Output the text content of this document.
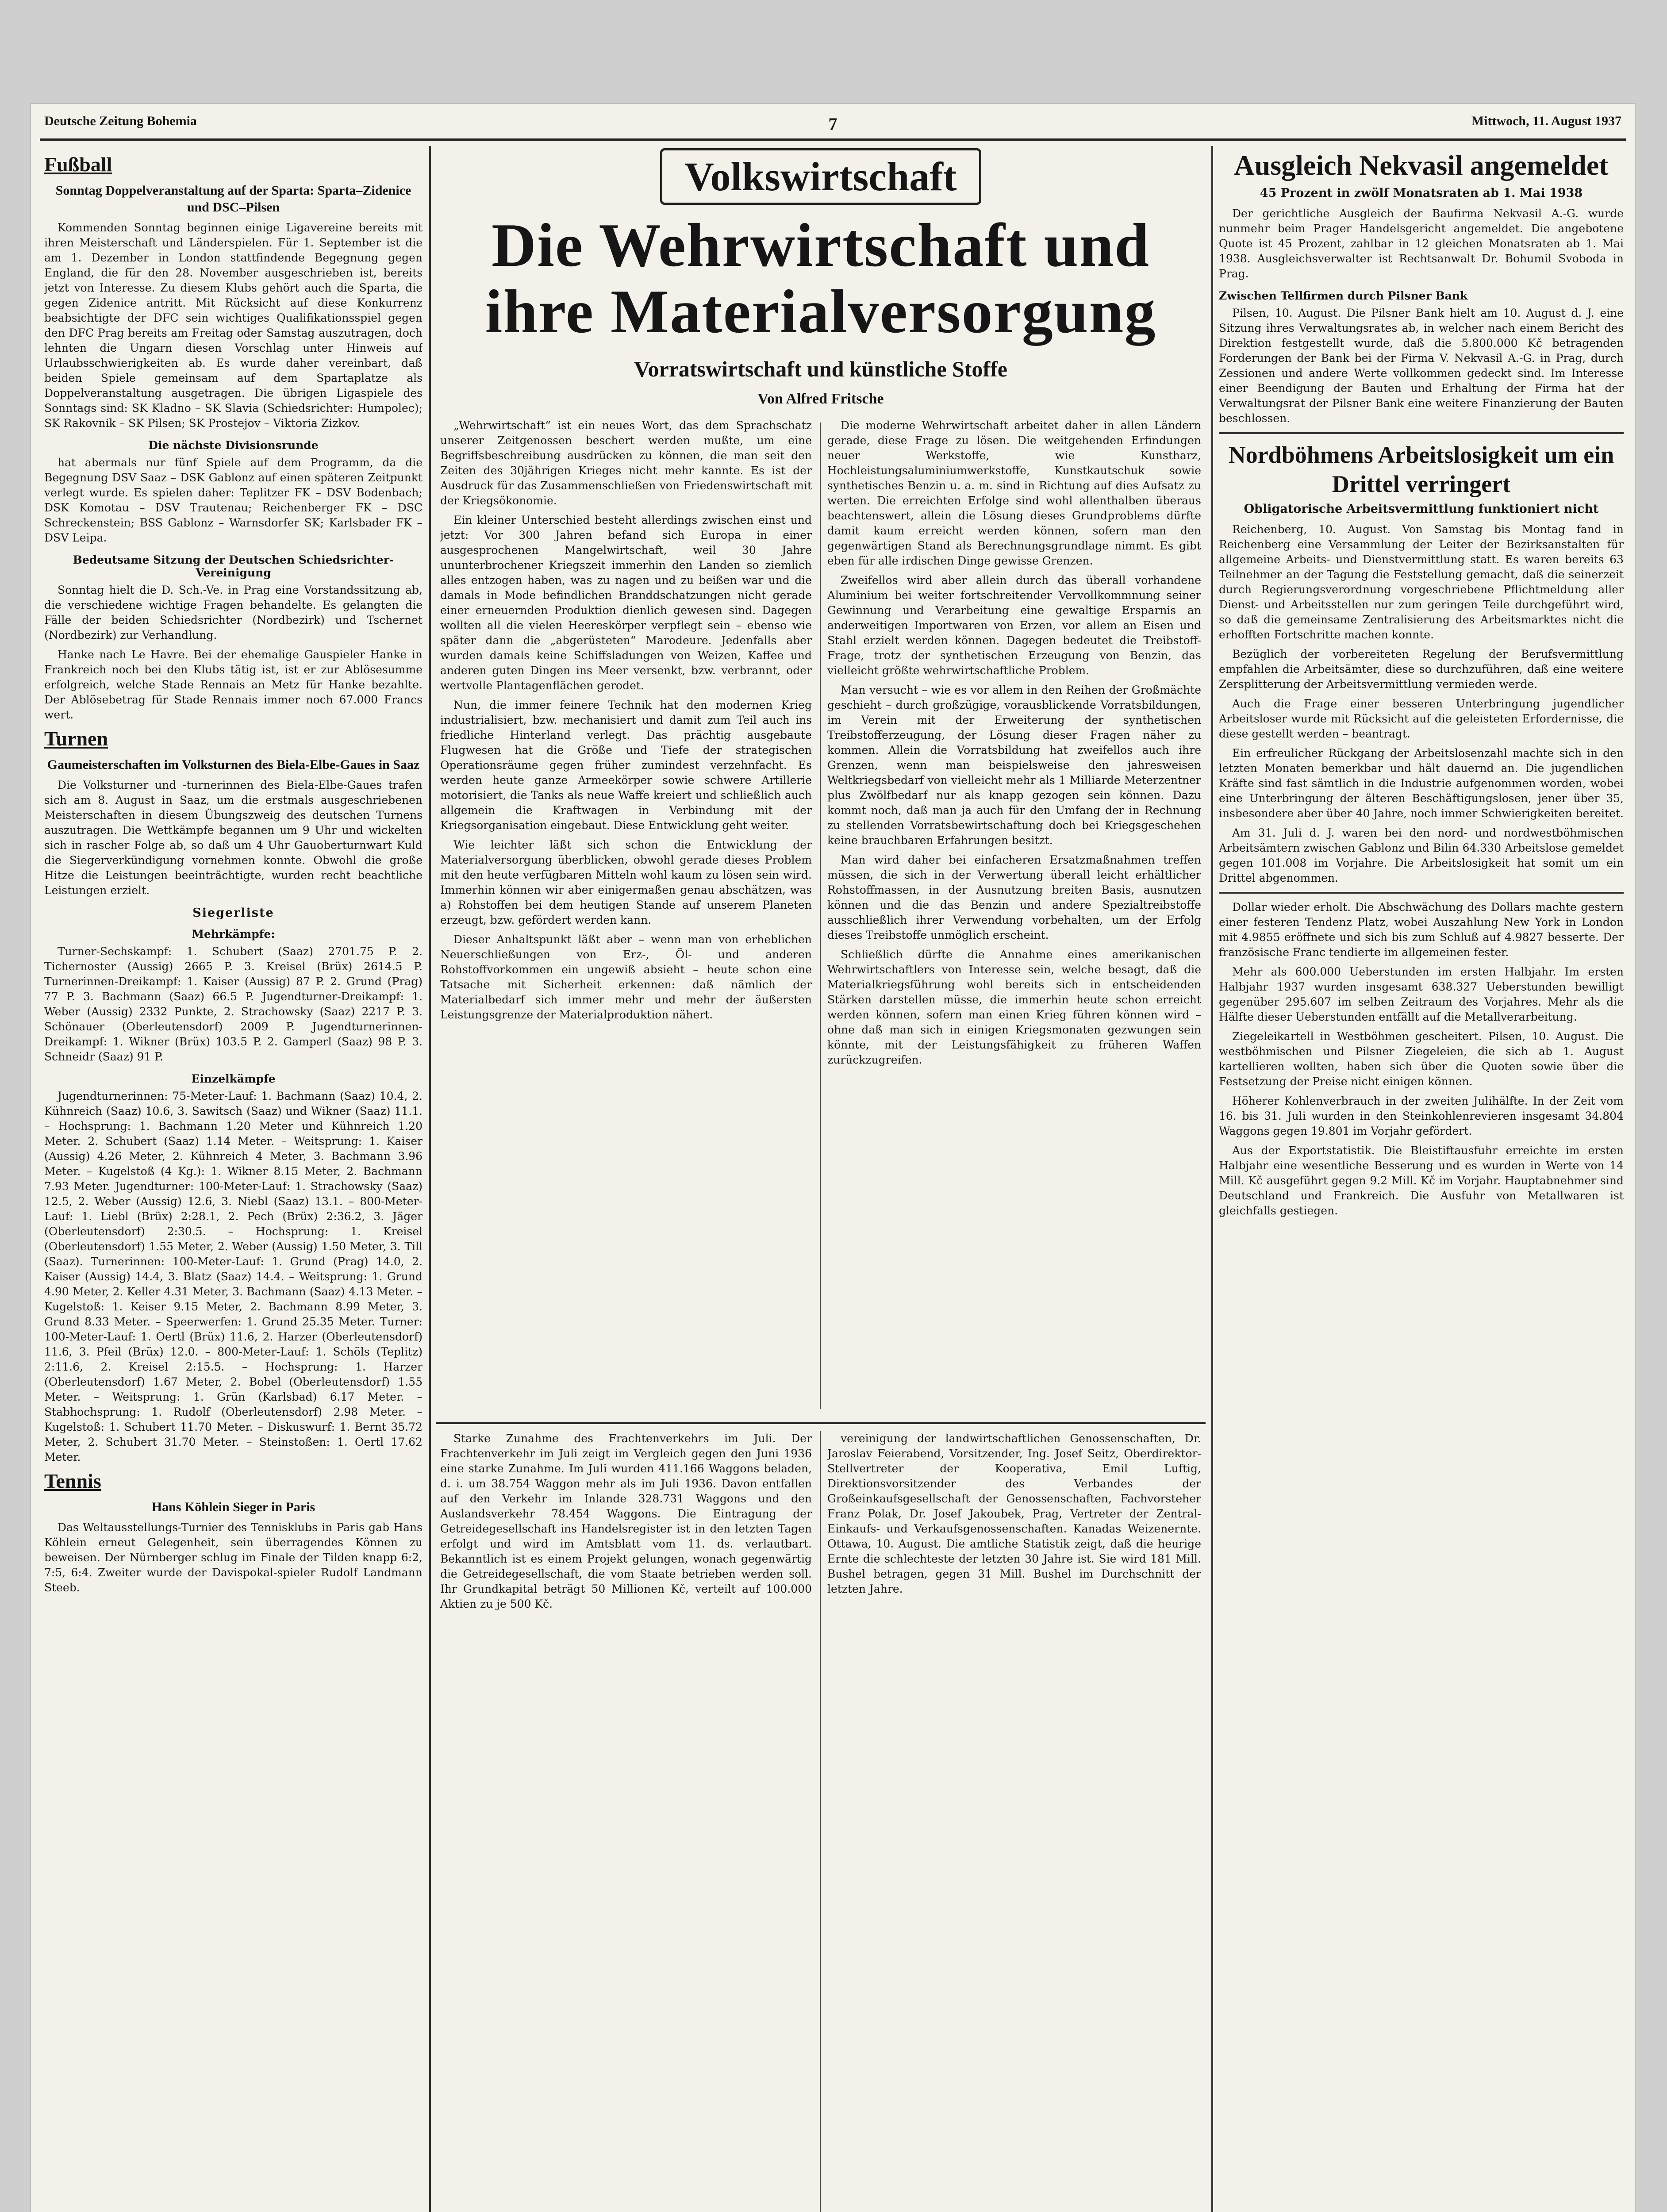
Deutsche Zeitung Bohemia	7	Mittwoch, 11. August 1937
Fußball
Sonntag Doppelveranstaltung auf der Sparta: Sparta–Zidenice und DSC–Pilsen

Kommenden Sonntag beginnen einige Ligavereine bereits mit ihren Meisterschaft und Länderspielen. Für 1. September ist die am 1. Dezember in London stattfindende Begegnung gegen England, die für den 28. November ausgeschrieben ist, bereits jetzt von Interesse. Zu diesem Klubs gehört auch die Sparta, die gegen Zidenice antritt. Mit Rücksicht auf diese Konkurrenz beabsichtigte der DFC sein wichtiges Qualifikationsspiel gegen den DFC Prag bereits am Freitag oder Samstag auszutragen, doch lehnten die Ungarn diesen Vorschlag unter Hinweis auf Urlaubsschwierigkeiten ab. Es wurde daher vereinbart, daß beiden Spiele gemeinsam auf dem Spartaplatze als Doppelveranstaltung ausgetragen. Die übrigen Ligaspiele des Sonntags sind: SK Kladno – SK Slavia (Schiedsrichter: Humpolec); SK Rakovnik – SK Pilsen; SK Prostejov – Viktoria Zizkov.

Die nächste Divisionsrunde

hat abermals nur fünf Spiele auf dem Programm, da die Begegnung DSV Saaz – DSK Gablonz auf einen späteren Zeitpunkt verlegt wurde. Es spielen daher: Teplitzer FK – DSV Bodenbach; DSK Komotau – DSV Trautenau; Reichenberger FK – DSC Schreckenstein; BSS Gablonz – Warnsdorfer SK; Karlsbader FK – DSV Leipa.

Bedeutsame Sitzung der Deutschen Schiedsrichter-Vereinigung

Sonntag hielt die D. Sch.-Ve. in Prag eine Vorstandssitzung ab, die verschiedene wichtige Fragen behandelte. Es gelangten die Fälle der beiden Schiedsrichter (Nordbezirk) und Tschernet (Nordbezirk) zur Verhandlung.

Hanke nach Le Havre. Bei der ehemalige Gauspieler Hanke in Frankreich noch bei den Klubs tätig ist, ist er zur Ablösesumme erfolgreich, welche Stade Rennais an Metz für Hanke bezahlte. Der Ablösebetrag für Stade Rennais immer noch 67.000 Francs wert.

Turnen
Gaumeisterschaften im Volksturnen des Biela-Elbe-Gaues in Saaz

Die Volksturner und -turnerinnen des Biela-Elbe-Gaues trafen sich am 8. August in Saaz, um die erstmals ausgeschriebenen Meisterschaften in diesem Übungszweig des deutschen Turnens auszutragen. Die Wettkämpfe begannen um 9 Uhr und wickelten sich in rascher Folge ab, so daß um 4 Uhr Gauoberturnwart Kuld die Siegerverkündigung vornehmen konnte. Obwohl die große Hitze die Leistungen beeinträchtigte, wurden recht beachtliche Leistungen erzielt.

Siegerliste
Mehrkämpfe:

Turner-Sechskampf: 1. Schubert (Saaz) 2701.75 P. 2. Tichernoster (Aussig) 2665 P. 3. Kreisel (Brüx) 2614.5 P. Turnerinnen-Dreikampf: 1. Kaiser (Aussig) 87 P. 2. Grund (Prag) 77 P. 3. Bachmann (Saaz) 66.5 P. Jugendturner-Dreikampf: 1. Weber (Aussig) 2332 Punkte, 2. Strachowsky (Saaz) 2217 P. 3. Schönauer (Oberleutensdorf) 2009 P. Jugendturnerinnen-Dreikampf: 1. Wikner (Brüx) 103.5 P. 2. Gamperl (Saaz) 98 P. 3. Schneidr (Saaz) 91 P.

Einzelkämpfe

Jugendturnerinnen: 75-Meter-Lauf: 1. Bachmann (Saaz) 10.4, 2. Kühnreich (Saaz) 10.6, 3. Sawitsch (Saaz) und Wikner (Saaz) 11.1. – Hochsprung: 1. Bachmann 1.20 Meter und Kühnreich 1.20 Meter. 2. Schubert (Saaz) 1.14 Meter. – Weitsprung: 1. Kaiser (Aussig) 4.26 Meter, 2. Kühnreich 4 Meter, 3. Bachmann 3.96 Meter. – Kugelstoß (4 Kg.): 1. Wikner 8.15 Meter, 2. Bachmann 7.93 Meter. Jugendturner: 100-Meter-Lauf: 1. Strachowsky (Saaz) 12.5, 2. Weber (Aussig) 12.6, 3. Niebl (Saaz) 13.1. – 800-Meter-Lauf: 1. Liebl (Brüx) 2:28.1, 2. Pech (Brüx) 2:36.2, 3. Jäger (Oberleutensdorf) 2:30.5. – Hochsprung: 1. Kreisel (Oberleutensdorf) 1.55 Meter, 2. Weber (Aussig) 1.50 Meter, 3. Till (Saaz). Turnerinnen: 100-Meter-Lauf: 1. Grund (Prag) 14.0, 2. Kaiser (Aussig) 14.4, 3. Blatz (Saaz) 14.4. – Weitsprung: 1. Grund 4.90 Meter, 2. Keller 4.31 Meter, 3. Bachmann (Saaz) 4.13 Meter. – Kugelstoß: 1. Keiser 9.15 Meter, 2. Bachmann 8.99 Meter, 3. Grund 8.33 Meter. – Speerwerfen: 1. Grund 25.35 Meter. Turner: 100-Meter-Lauf: 1. Oertl (Brüx) 11.6, 2. Harzer (Oberleutensdorf) 11.6, 3. Pfeil (Brüx) 12.0. – 800-Meter-Lauf: 1. Schöls (Teplitz) 2:11.6, 2. Kreisel 2:15.5. – Hochsprung: 1. Harzer (Oberleutensdorf) 1.67 Meter, 2. Bobel (Oberleutensdorf) 1.55 Meter. – Weitsprung: 1. Grün (Karlsbad) 6.17 Meter. – Stabhochsprung: 1. Rudolf (Oberleutensdorf) 2.98 Meter. – Kugelstoß: 1. Schubert 11.70 Meter. – Diskuswurf: 1. Bernt 35.72 Meter, 2. Schubert 31.70 Meter. – Steinstoßen: 1. Oertl 17.62 Meter.

Tennis
Hans Köhlein Sieger in Paris

Das Weltausstellungs-Turnier des Tennisklubs in Paris gab Hans Köhlein erneut Gelegenheit, sein überragendes Können zu beweisen. Der Nürnberger schlug im Finale der Tilden knapp 6:2, 7:5, 6:4. Zweiter wurde der Davispokal-spieler Rudolf Landmann Steeb.

Volkswirtschaft
Die Wehrwirtschaft und
ihre Materialversorgung
Vorratswirtschaft und künstliche Stoffe
Von Alfred Fritsche

„Wehrwirtschaft“ ist ein neues Wort, das dem Sprachschatz unserer Zeitgenossen beschert werden mußte, um eine Begriffsbeschreibung ausdrücken zu können, die man seit den Zeiten des 30jährigen Krieges nicht mehr kannte. Es ist der Ausdruck für das Zusammenschließen von Friedenswirtschaft mit der Kriegsökonomie.

Ein kleiner Unterschied besteht allerdings zwischen einst und jetzt: Vor 300 Jahren befand sich Europa in einer ausgesprochenen Mangelwirtschaft, weil 30 Jahre ununterbrochener Kriegszeit immerhin den Landen so ziemlich alles entzogen haben, was zu nagen und zu beißen war und die damals in Mode befindlichen Branddschatzungen nicht gerade einer erneuernden Produktion dienlich gewesen sind. Dagegen wollten all die vielen Heereskörper verpflegt sein – ebenso wie später dann die „abgerüsteten“ Marodeure. Jedenfalls aber wurden damals keine Schiffsladungen von Weizen, Kaffee und anderen guten Dingen ins Meer versenkt, bzw. verbrannt, oder wertvolle Plantagenflächen gerodet.

Nun, die immer feinere Technik hat den modernen Krieg industrialisiert, bzw. mechanisiert und damit zum Teil auch ins friedliche Hinterland verlegt. Das prächtig ausgebaute Flugwesen hat die Größe und Tiefe der strategischen Operationsräume gegen früher zumindest verzehnfacht. Es werden heute ganze Armeekörper sowie schwere Artillerie motorisiert, die Tanks als neue Waffe kreiert und schließlich auch allgemein die Kraftwagen in Verbindung mit der Kriegsorganisation eingebaut. Diese Entwicklung geht weiter.

Wie leichter läßt sich schon die Entwicklung der Materialversorgung überblicken, obwohl gerade dieses Problem mit den heute verfügbaren Mitteln wohl kaum zu lösen sein wird. Immerhin können wir aber einigermaßen genau abschätzen, was a) Rohstoffen bei dem heutigen Stande auf unserem Planeten erzeugt, bzw. gefördert werden kann.

Dieser Anhaltspunkt läßt aber – wenn man von erheblichen Neuerschließungen von Erz-, Öl- und anderen Rohstoffvorkommen ein ungewiß absieht – heute schon eine Tatsache mit Sicherheit erkennen: daß nämlich der Materialbedarf sich immer mehr und mehr der äußersten Leistungsgrenze der Materialproduktion nähert.

Die moderne Wehrwirtschaft arbeitet daher in allen Ländern gerade, diese Frage zu lösen. Die weitgehenden Erfindungen neuer Werkstoffe, wie Kunstharz, Hochleistungsaluminiumwerkstoffe, Kunstkautschuk sowie synthetisches Benzin u. a. m. sind in Richtung auf dies Aufsatz zu werten. Die erreichten Erfolge sind wohl allenthalben überaus beachtenswert, allein die Lösung dieses Grundproblems dürfte damit kaum erreicht werden können, sofern man den gegenwärtigen Stand als Berechnungsgrundlage nimmt. Es gibt eben für alle irdischen Dinge gewisse Grenzen.

Zweifellos wird aber allein durch das überall vorhandene Aluminium bei weiter fortschreitender Vervollkommnung seiner Gewinnung und Verarbeitung eine gewaltige Ersparnis an anderweitigen Importwaren von Erzen, vor allem an Eisen und Stahl erzielt werden können. Dagegen bedeutet die Treibstoff-Frage, trotz der synthetischen Erzeugung von Benzin, das vielleicht größte wehrwirtschaftliche Problem.

Man versucht – wie es vor allem in den Reihen der Großmächte geschieht – durch großzügige, vorausblickende Vorratsbildungen, im Verein mit der Erweiterung der synthetischen Treibstofferzeugung, der Lösung dieser Fragen näher zu kommen. Allein die Vorratsbildung hat zweifellos auch ihre Grenzen, wenn man beispielsweise den jahresweisen Weltkriegsbedarf von vielleicht mehr als 1 Milliarde Meterzentner plus Zwölfbedarf nur als knapp gezogen sein können. Dazu kommt noch, daß man ja auch für den Umfang der in Rechnung zu stellenden Vorratsbewirtschaftung doch bei Kriegsgeschehen keine brauchbaren Erfahrungen besitzt.

Man wird daher bei einfacheren Ersatzmaßnahmen treffen müssen, die sich in der Verwertung überall leicht erhältlicher Rohstoffmassen, in der Ausnutzung breiten Basis, ausnutzen können und die das Benzin und andere Spezialtreibstoffe ausschließlich ihrer Verwendung vorbehalten, um der Erfolg dieses Treibstoffe unmöglich erscheint.

Schließlich dürfte die Annahme eines amerikanischen Wehrwirtschaftlers von Interesse sein, welche besagt, daß die Materialkriegsführung wohl bereits sich in entscheidenden Stärken darstellen müsse, die immerhin heute schon erreicht werden können, sofern man einen Krieg führen können wird – ohne daß man sich in einigen Kriegsmonaten gezwungen sein könnte, mit der Leistungsfähigkeit zu früheren Waffen zurückzugreifen.

Starke Zunahme des Frachtenverkehrs im Juli. Der Frachtenverkehr im Juli zeigt im Vergleich gegen den Juni 1936 eine starke Zunahme. Im Juli wurden 411.166 Waggons beladen, d. i. um 38.754 Waggon mehr als im Juli 1936. Davon entfallen auf den Verkehr im Inlande 328.731 Waggons und den Auslandsverkehr 78.454 Waggons. Die Eintragung der Getreidegesellschaft ins Handelsregister ist in den letzten Tagen erfolgt und wird im Amtsblatt vom 11. ds. verlautbart. Bekanntlich ist es einem Projekt gelungen, wonach gegenwärtig die Getreidegesellschaft, die vom Staate betrieben werden soll. Ihr Grundkapital beträgt 50 Millionen Kč, verteilt auf 100.000 Aktien zu je 500 Kč.

vereinigung der landwirtschaftlichen Genossenschaften, Dr. Jaroslav Feierabend, Vorsitzender, Ing. Josef Seitz, Oberdirektor-Stellvertreter der Kooperativa, Emil Luftig, Direktionsvorsitzender des Verbandes der Großeinkaufsgesellschaft der Genossenschaften, Fachvorsteher Franz Polak, Dr. Josef Jakoubek, Prag, Vertreter der Zentral-Einkaufs- und Verkaufsgenossenschaften. Kanadas Weizenernte. Ottawa, 10. August. Die amtliche Statistik zeigt, daß die heurige Ernte die schlechteste der letzten 30 Jahre ist. Sie wird 181 Mill. Bushel betragen, gegen 31 Mill. Bushel im Durchschnitt der letzten Jahre.

Ausgleich Nekvasil angemeldet
45 Prozent in zwölf Monatsraten ab 1. Mai 1938

Der gerichtliche Ausgleich der Baufirma Nekvasil A.-G. wurde nunmehr beim Prager Handelsgericht angemeldet. Die angebotene Quote ist 45 Prozent, zahlbar in 12 gleichen Monatsraten ab 1. Mai 1938. Ausgleichsverwalter ist Rechtsanwalt Dr. Bohumil Svoboda in Prag.

Zwischen Tellfirmen durch Pilsner Bank

Pilsen, 10. August. Die Pilsner Bank hielt am 10. August d. J. eine Sitzung ihres Verwaltungsrates ab, in welcher nach einem Bericht des Direktion festgestellt wurde, daß die 5.800.000 Kč betragenden Forderungen der Bank bei der Firma V. Nekvasil A.-G. in Prag, durch Zessionen und andere Werte vollkommen gedeckt sind. Im Interesse einer Beendigung der Bauten und Erhaltung der Firma hat der Verwaltungsrat der Pilsner Bank eine weitere Finanzierung der Bauten beschlossen.

Nordböhmens Arbeitslosigkeit um ein Drittel verringert
Obligatorische Arbeitsvermittlung funktioniert nicht

Reichenberg, 10. August. Von Samstag bis Montag fand in Reichenberg eine Versammlung der Leiter der Bezirksanstalten für allgemeine Arbeits- und Dienstvermittlung statt. Es waren bereits 63 Teilnehmer an der Tagung die Feststellung gemacht, daß die seinerzeit durch Regierungsverordnung vorgeschriebene Pflichtmeldung aller Dienst- und Arbeitsstellen nur zum geringen Teile durchgeführt wird, so daß die gemeinsame Zentralisierung des Arbeitsmarktes nicht die erhofften Fortschritte machen konnte.

Bezüglich der vorbereiteten Regelung der Berufsvermittlung empfahlen die Arbeitsämter, diese so durchzuführen, daß eine weitere Zersplitterung der Arbeitsvermittlung vermieden werde.

Auch die Frage einer besseren Unterbringung jugendlicher Arbeitsloser wurde mit Rücksicht auf die geleisteten Erfordernisse, die diese gestellt werden – beantragt.

Ein erfreulicher Rückgang der Arbeitslosenzahl machte sich in den letzten Monaten bemerkbar und hält dauernd an. Die jugendlichen Kräfte sind fast sämtlich in die Industrie aufgenommen worden, wobei eine Unterbringung der älteren Beschäftigungslosen, jener über 35, insbesondere aber über 40 Jahre, noch immer Schwierigkeiten bereitet.

Am 31. Juli d. J. waren bei den nord- und nordwestböhmischen Arbeitsämtern zwischen Gablonz und Bilin 64.330 Arbeitslose gemeldet gegen 101.008 im Vorjahre. Die Arbeitslosigkeit hat somit um ein Drittel abgenommen.

Dollar wieder erholt. Die Abschwächung des Dollars machte gestern einer festeren Tendenz Platz, wobei Auszahlung New York in London mit 4.9855 eröffnete und sich bis zum Schluß auf 4.9827 besserte. Der französische Franc tendierte im allgemeinen fester.

Mehr als 600.000 Ueberstunden im ersten Halbjahr. Im ersten Halbjahr 1937 wurden insgesamt 638.327 Ueberstunden bewilligt gegenüber 295.607 im selben Zeitraum des Vorjahres. Mehr als die Hälfte dieser Ueberstunden entfällt auf die Metallverarbeitung.

Ziegeleikartell in Westböhmen gescheitert. Pilsen, 10. August. Die westböhmischen und Pilsner Ziegeleien, die sich ab 1. August kartellieren wollten, haben sich über die Quoten sowie über die Festsetzung der Preise nicht einigen können.

Höherer Kohlenverbrauch in der zweiten Julihälfte. In der Zeit vom 16. bis 31. Juli wurden in den Steinkohlenrevieren insgesamt 34.804 Waggons gegen 19.801 im Vorjahr gefördert.

Aus der Exportstatistik. Die Bleistiftausfuhr erreichte im ersten Halbjahr eine wesentliche Besserung und es wurden in Werte von 14 Mill. Kč ausgeführt gegen 9.2 Mill. Kč im Vorjahr. Hauptabnehmer sind Deutschland und Frankreich. Die Ausfuhr von Metallwaren ist gleichfalls gestiegen.
